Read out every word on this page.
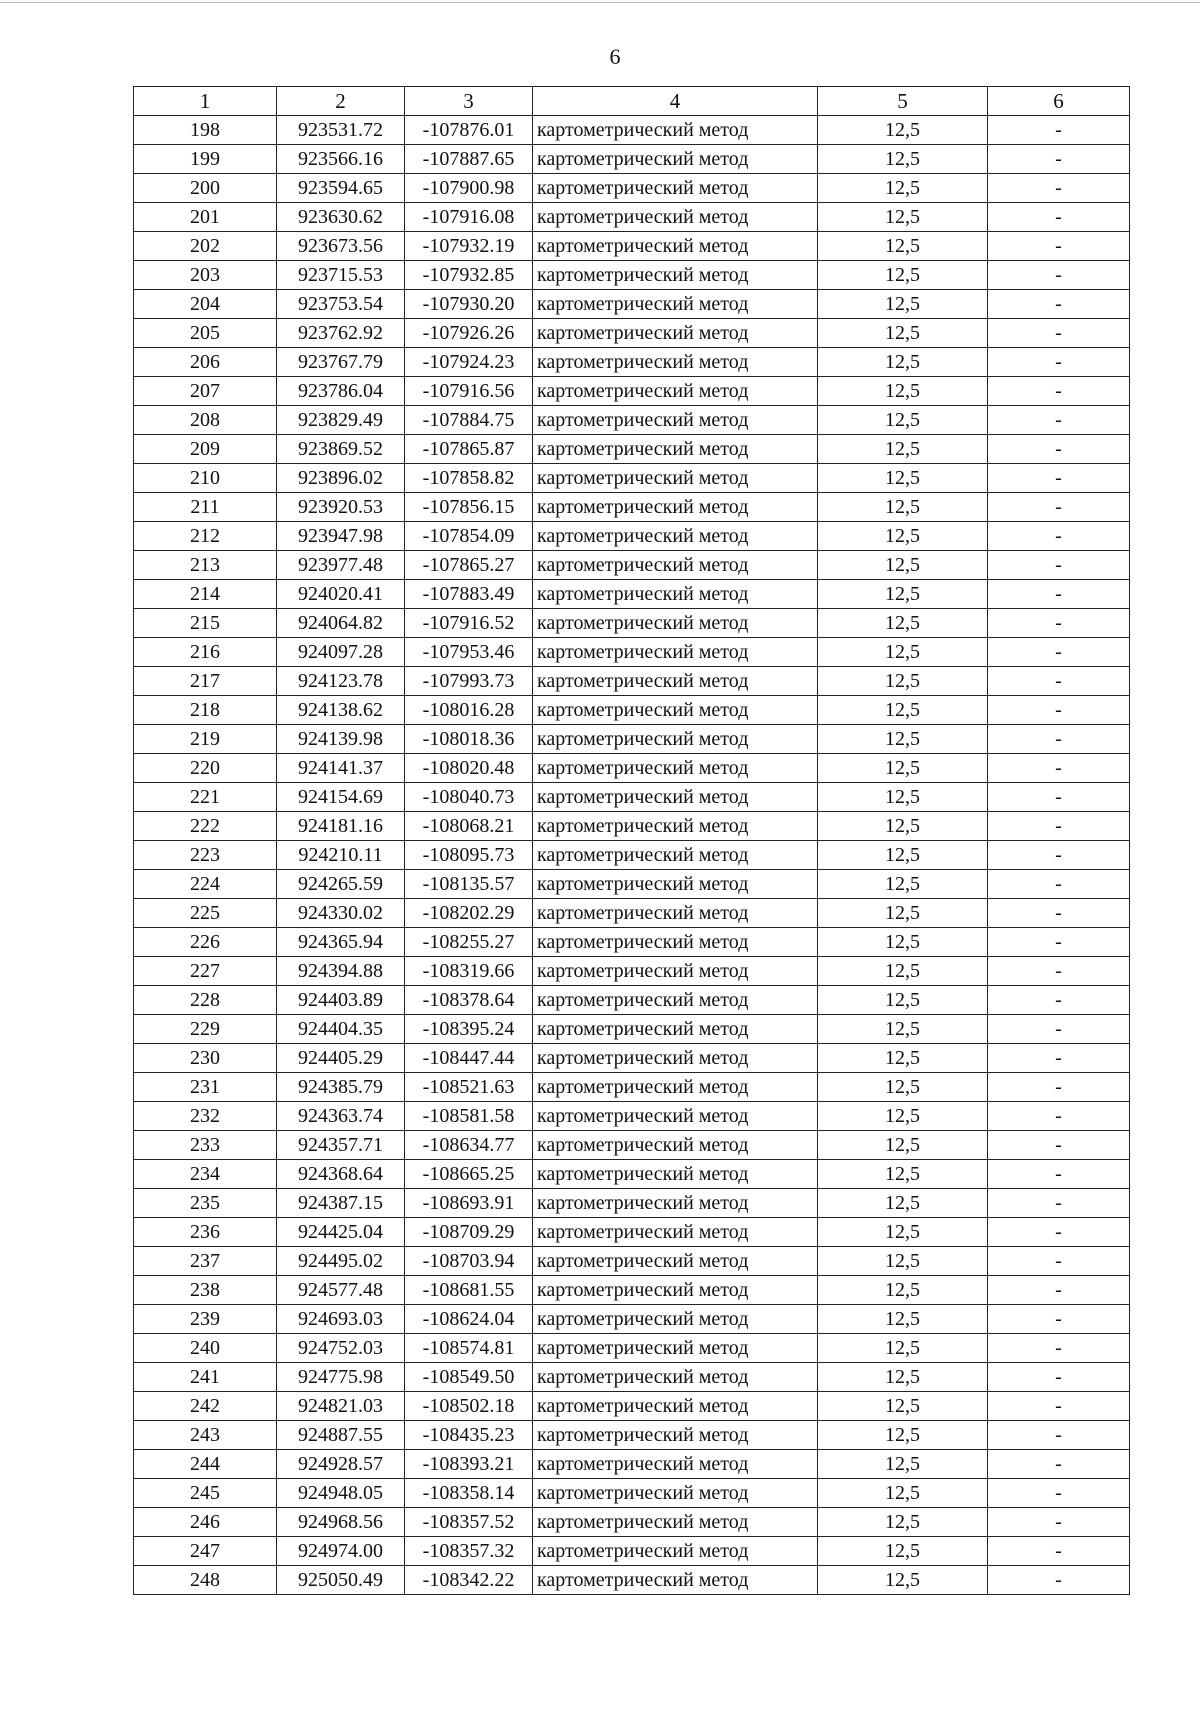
6
1	2	3	4	5	6
198	923531.72	-107876.01	картометрический метод	12,5	-
199	923566.16	-107887.65	картометрический метод	12,5	-
200	923594.65	-107900.98	картометрический метод	12,5	-
201	923630.62	-107916.08	картометрический метод	12,5	-
202	923673.56	-107932.19	картометрический метод	12,5	-
203	923715.53	-107932.85	картометрический метод	12,5	-
204	923753.54	-107930.20	картометрический метод	12,5	-
205	923762.92	-107926.26	картометрический метод	12,5	-
206	923767.79	-107924.23	картометрический метод	12,5	-
207	923786.04	-107916.56	картометрический метод	12,5	-
208	923829.49	-107884.75	картометрический метод	12,5	-
209	923869.52	-107865.87	картометрический метод	12,5	-
210	923896.02	-107858.82	картометрический метод	12,5	-
211	923920.53	-107856.15	картометрический метод	12,5	-
212	923947.98	-107854.09	картометрический метод	12,5	-
213	923977.48	-107865.27	картометрический метод	12,5	-
214	924020.41	-107883.49	картометрический метод	12,5	-
215	924064.82	-107916.52	картометрический метод	12,5	-
216	924097.28	-107953.46	картометрический метод	12,5	-
217	924123.78	-107993.73	картометрический метод	12,5	-
218	924138.62	-108016.28	картометрический метод	12,5	-
219	924139.98	-108018.36	картометрический метод	12,5	-
220	924141.37	-108020.48	картометрический метод	12,5	-
221	924154.69	-108040.73	картометрический метод	12,5	-
222	924181.16	-108068.21	картометрический метод	12,5	-
223	924210.11	-108095.73	картометрический метод	12,5	-
224	924265.59	-108135.57	картометрический метод	12,5	-
225	924330.02	-108202.29	картометрический метод	12,5	-
226	924365.94	-108255.27	картометрический метод	12,5	-
227	924394.88	-108319.66	картометрический метод	12,5	-
228	924403.89	-108378.64	картометрический метод	12,5	-
229	924404.35	-108395.24	картометрический метод	12,5	-
230	924405.29	-108447.44	картометрический метод	12,5	-
231	924385.79	-108521.63	картометрический метод	12,5	-
232	924363.74	-108581.58	картометрический метод	12,5	-
233	924357.71	-108634.77	картометрический метод	12,5	-
234	924368.64	-108665.25	картометрический метод	12,5	-
235	924387.15	-108693.91	картометрический метод	12,5	-
236	924425.04	-108709.29	картометрический метод	12,5	-
237	924495.02	-108703.94	картометрический метод	12,5	-
238	924577.48	-108681.55	картометрический метод	12,5	-
239	924693.03	-108624.04	картометрический метод	12,5	-
240	924752.03	-108574.81	картометрический метод	12,5	-
241	924775.98	-108549.50	картометрический метод	12,5	-
242	924821.03	-108502.18	картометрический метод	12,5	-
243	924887.55	-108435.23	картометрический метод	12,5	-
244	924928.57	-108393.21	картометрический метод	12,5	-
245	924948.05	-108358.14	картометрический метод	12,5	-
246	924968.56	-108357.52	картометрический метод	12,5	-
247	924974.00	-108357.32	картометрический метод	12,5	-
248	925050.49	-108342.22	картометрический метод	12,5	-
